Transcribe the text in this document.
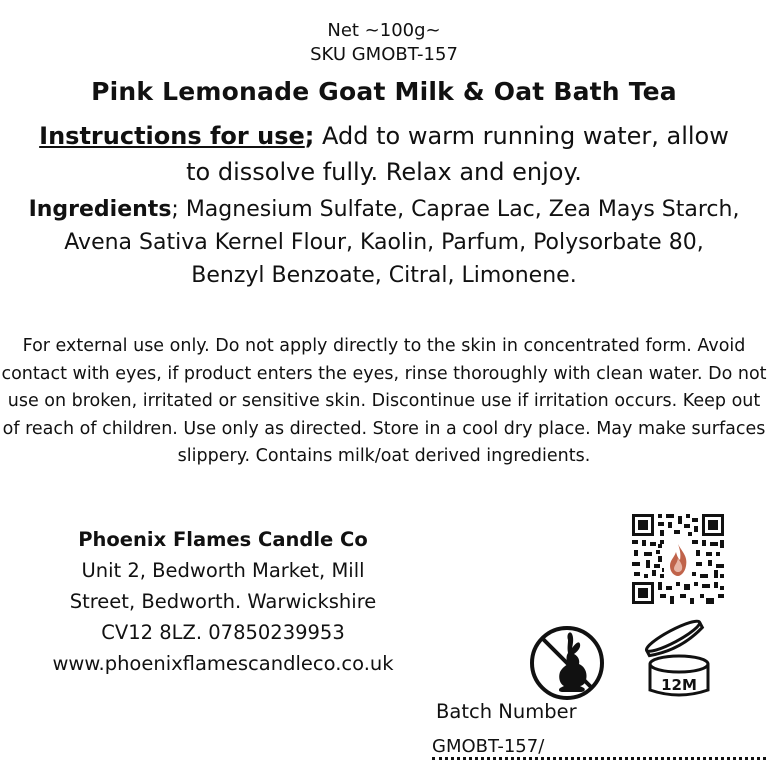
Net ~100g~
SKU GMOBT-157
Pink Lemonade Goat Milk & Oat Bath Tea
Instructions for use; Add to warm running water, allow to dissolve fully. Relax and enjoy.
Ingredients; Magnesium Sulfate, Caprae Lac, Zea Mays Starch, Avena Sativa Kernel Flour, Kaolin, Parfum, Polysorbate 80, Benzyl Benzoate, Citral, Limonene.
For external use only. Do not apply directly to the skin in concentrated form. Avoid contact with eyes, if product enters the eyes, rinse thoroughly with clean water. Do not use on broken, irritated or sensitive skin. Discontinue use if irritation occurs. Keep out of reach of children. Use only as directed. Store in a cool dry place. May make surfaces slippery. Contains milk/oat derived ingredients.
Phoenix Flames Candle Co
Unit 2, Bedworth Market, Mill
Street, Bedworth. Warwickshire
CV12 8LZ. 07850239953
www.phoenixflamescandleco.co.uk
12M
Batch Number
GMOBT-157/
